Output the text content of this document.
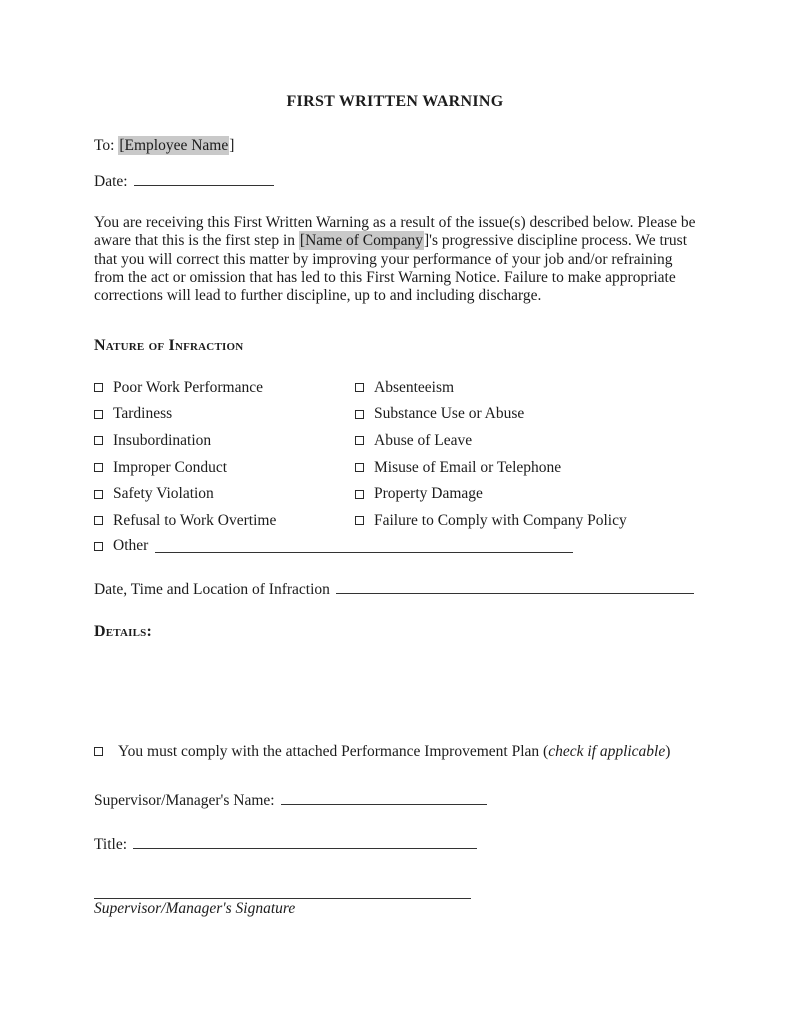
FIRST WRITTEN WARNING
To: [Employee Name]
Date:
You are receiving this First Written Warning as a result of the issue(s) described below. Please be aware that this is the first step in [Name of Company]'s progressive discipline process. We trust that you will correct this matter by improving your performance of your job and/or refraining from the act or omission that has led to this First Warning Notice. Failure to make appropriate corrections will lead to further discipline, up to and including discharge.
Nature of Infraction
Poor Work Performance	Absenteeism
Tardiness	Substance Use or Abuse
Insubordination	Abuse of Leave
Improper Conduct	Misuse of Email or Telephone
Safety Violation	Property Damage
Refusal to Work Overtime	Failure to Comply with Company Policy
Other
Date, Time and Location of Infraction
Details:
You must comply with the attached Performance Improvement Plan (check if applicable)
Supervisor/Manager's Name:
Title:
Supervisor/Manager's Signature
